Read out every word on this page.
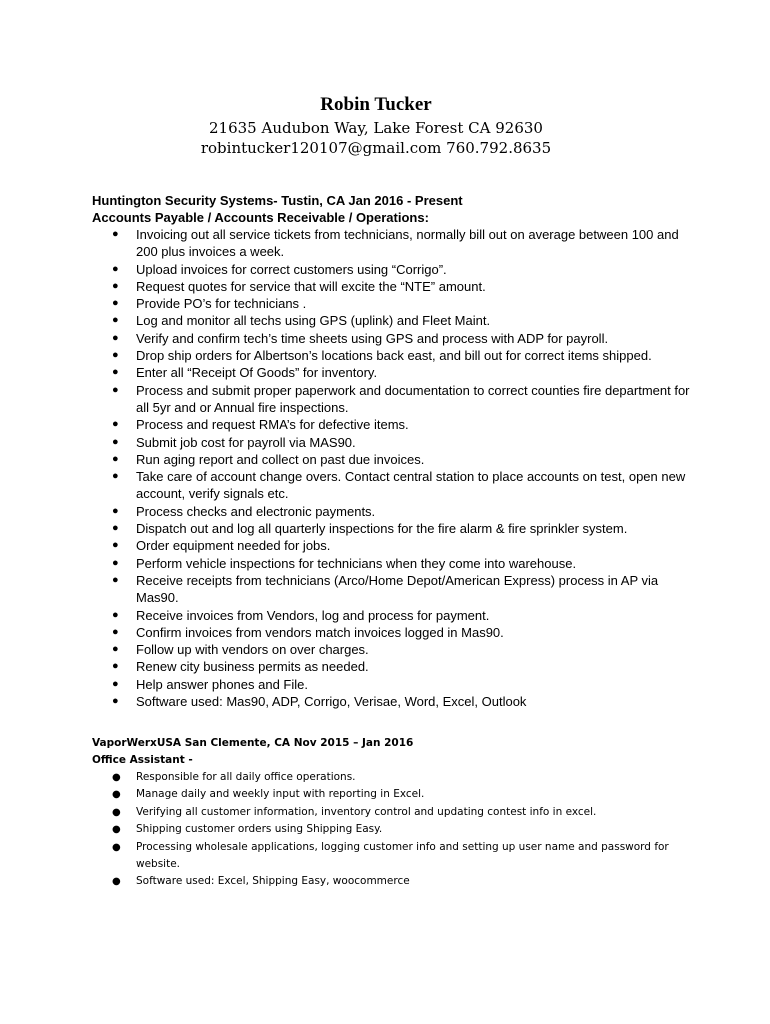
Robin Tucker
21635 Audubon Way, Lake Forest CA 92630
robintucker120107@gmail.com 760.792.8635
Huntington Security Systems- Tustin, CA Jan 2016 - Present
Accounts Payable / Accounts Receivable / Operations:
● Invoicing out all service tickets from technicians, normally bill out on average between 100 and 200 plus invoices a week.
● Upload invoices for correct customers using “Corrigo”.
● Request quotes for service that will excite the “NTE” amount.
● Provide PO’s for technicians .
● Log and monitor all techs using GPS (uplink) and Fleet Maint.
● Verify and confirm tech’s time sheets using GPS and process with ADP for payroll.
● Drop ship orders for Albertson’s locations back east, and bill out for correct items shipped.
● Enter all “Receipt Of Goods” for inventory.
● Process and submit proper paperwork and documentation to correct counties fire department for all 5yr and or Annual fire inspections.
● Process and request RMA’s for defective items.
● Submit job cost for payroll via MAS90.
● Run aging report and collect on past due invoices.
● Take care of account change overs. Contact central station to place accounts on test, open new account, verify signals etc.
● Process checks and electronic payments.
● Dispatch out and log all quarterly inspections for the fire alarm & fire sprinkler system.
● Order equipment needed for jobs.
● Perform vehicle inspections for technicians when they come into warehouse.
● Receive receipts from technicians (Arco/Home Depot/American Express) process in AP via Mas90.
● Receive invoices from Vendors, log and process for payment.
● Confirm invoices from vendors match invoices logged in Mas90.
● Follow up with vendors on over charges.
● Renew city business permits as needed.
● Help answer phones and File.
● Software used: Mas90, ADP, Corrigo, Verisae, Word, Excel, Outlook
VaporWerxUSA San Clemente, CA Nov 2015 – Jan 2016
Office Assistant -
● Responsible for all daily office operations.
● Manage daily and weekly input with reporting in Excel.
● Verifying all customer information, inventory control and updating contest info in excel.
● Shipping customer orders using Shipping Easy.
● Processing wholesale applications, logging customer info and setting up user name and password for website.
● Software used: Excel, Shipping Easy, woocommerce
